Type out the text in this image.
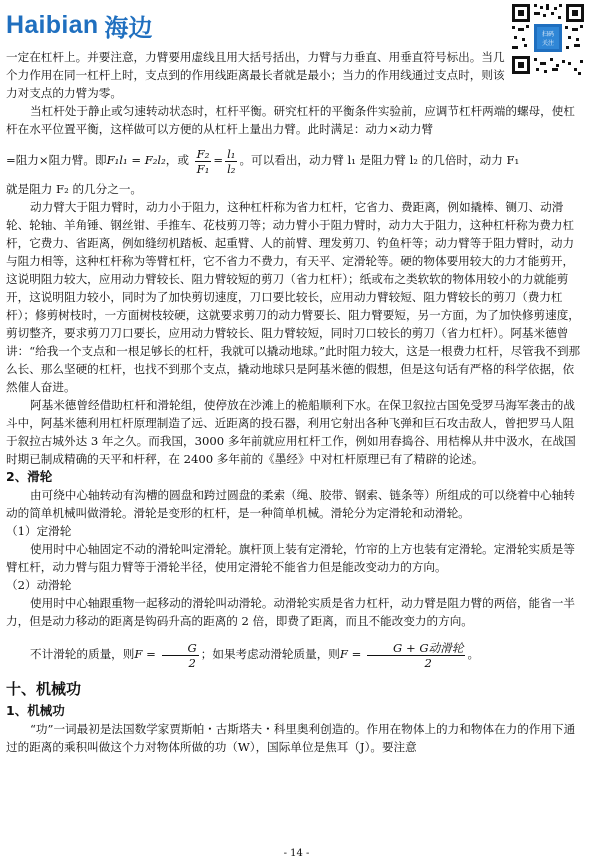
Haibian 海边	扫码
关注

一定在杠杆上。并要注意，力臂要用虚线且用大括号括出，力臂与力垂直、用垂直符号标出。当几个力作用在同一杠杆上时，支点到的作用线距离最长者就是最小；当力的作用线通过支点时，则该力对支点的力臂为零。

当杠杆处于静止或匀速转动状态时，杠杆平衡。研究杠杆的平衡条件实验前，应调节杠杆两端的螺母，使杠杆在水平位置平衡，这样做可以方便的从杠杆上量出力臂。此时满足：动力×动力臂

=阻力×阻力臂。即F₁l₁ = F₂l₂，或 $\frac{\text{F₂}}{\text{F₁}} = \frac{\text{l₁}}{\text{l₂}}$ 。可以看出，动力臂 l₁ 是阻力臂 l₂ 的几倍时，动力 F₁

就是阻力 F₂ 的几分之一。

动力臂大于阻力臂时，动力小于阻力，这种杠杆称为省力杠杆，它省力、费距离，例如撬棒、铡刀、动滑轮、轮轴、羊角锤、钢丝钳、手推车、花枝剪刀等；动力臂小于阻力臂时，动力大于阻力，这种杠杆称为费力杠杆，它费力、省距离，例如缝纫机踏板、起重臂、人的前臂、理发剪刀、钓鱼杆等；动力臂等于阻力臂时，动力与阻力相等，这种杠杆称为等臂杠杆，它不省力不费力，有天平、定滑轮等。硬的物体要用较大的力才能剪开，这说明阻力较大，应用动力臂较长、阻力臂较短的剪刀（省力杠杆）；纸或布之类软软的物体用较小的力就能剪开，这说明阻力较小，同时为了加快剪切速度，刀口要比较长，应用动力臂较短、阻力臂较长的剪刀（费力杠杆）；修剪树枝时，一方面树枝较硬，这就要求剪刀的动力臂要长、阻力臂要短，另一方面，为了加快修剪速度，剪切整齐，要求剪刀刀口要长，应用动力臂较长、阻力臂较短，同时刀口较长的剪刀（省力杠杆）。阿基米德曾讲：“给我一个支点和一根足够长的杠杆，我就可以撬动地球。”此时阻力较大，这是一根费力杠杆，尽管我不到那么长、那么坚硬的杠杆，也找不到那个支点，撬动地球只是阿基米德的假想，但是这句话有严格的科学依据，依然催人奋进。

阿基米德曾经借助杠杆和滑轮组，使停放在沙滩上的桅船顺利下水。在保卫叙拉古国免受罗马海军袭击的战斗中，阿基米德利用杠杆原理制造了远、近距离的投石器，利用它射出各种飞弹和巨石攻击敌人，曾把罗马人阻于叙拉古城外达 3 年之久。而我国，3000 多年前就应用杠杆工作，例如用舂捣谷、用桔槔从井中汲水，在战国时期已制成精确的天平和杆秤，在 2400 多年前的《墨经》中对杠杆原理已有了精辟的论述。

2、滑轮

由可绕中心轴转动有沟槽的圆盘和跨过圆盘的柔索（绳、胶带、钢索、链条等）所组成的可以绕着中心轴转动的简单机械叫做滑轮。滑轮是变形的杠杆，是一种简单机械。滑轮分为定滑轮和动滑轮。

（1）定滑轮

使用时中心轴固定不动的滑轮叫定滑轮。旗杆顶上装有定滑轮，竹帘的上方也装有定滑轮。定滑轮实质是等臂杠杆，动力臂与阻力臂等于滑轮半径，使用定滑轮不能省力但是能改变动力的方向。

（2）动滑轮

使用时中心轴跟重物一起移动的滑轮叫动滑轮。动滑轮实质是省力杠杆，动力臂是阻力臂的两倍，能省一半力，但是动力移动的距离是钩码升高的距离的 2 倍，即费了距离，而且不能改变力的方向。

不计滑轮的质量，则$F = \frac{G}{2}$ ；如果考虑动滑轮质量，则$F = \frac{\text{G + G动滑轮}}{2}$ 。

十、机械功
1、机械功

“功”一词最初是法国数学家贾斯帕・古斯塔夫・科里奥利创造的。作用在物体上的力和物体在力的作用下通过的距离的乘积叫做这个力对物体所做的功（W），国际单位是焦耳（J）。要注意

- 14 -
